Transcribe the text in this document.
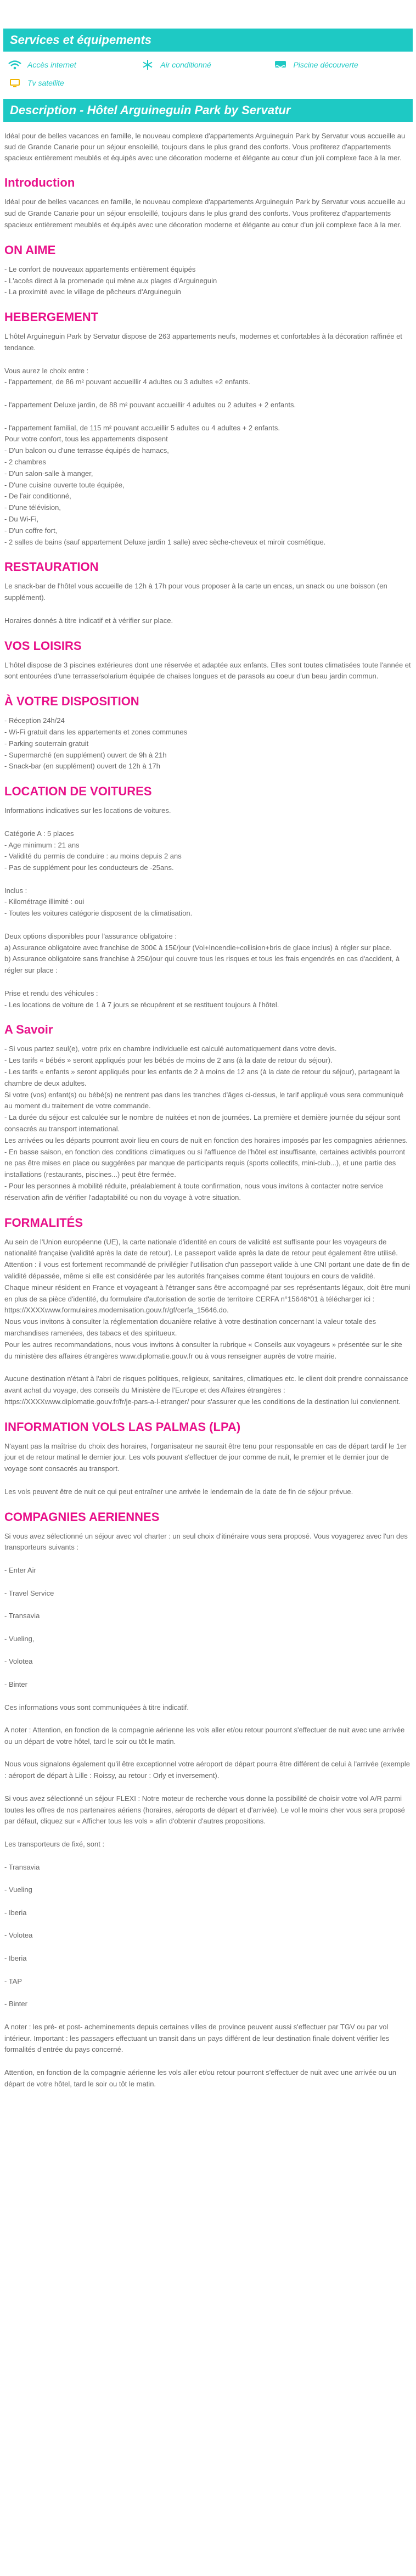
Services et équipements
Accès internet	Air conditionné	Piscine découverte
Tv satellite
Description - Hôtel Arguineguin Park by Servatur

Idéal pour de belles vacances en famille, le nouveau complexe d'appartements Arguineguin Park by Servatur vous accueille au sud de Grande Canarie pour un séjour ensoleillé, toujours dans le plus grand des conforts. Vous profiterez d'appartements spacieux entièrement meublés et équipés avec une décoration moderne et élégante au cœur d'un joli complexe face à la mer.

Introduction
Idéal pour de belles vacances en famille, le nouveau complexe d'appartements Arguineguin Park by Servatur vous accueille au sud de Grande Canarie pour un séjour ensoleillé, toujours dans le plus grand des conforts. Vous profiterez d'appartements spacieux entièrement meublés et équipés avec une décoration moderne et élégante au cœur d'un joli complexe face à la mer.
ON AIME
- Le confort de nouveaux appartements entièrement équipés
- L'accès direct à la promenade qui mène aux plages d'Arguineguin
- La proximité avec le village de pêcheurs d'Arguineguin
HEBERGEMENT
L'hôtel Arguineguin Park by Servatur dispose de 263 appartements neufs, modernes et confortables à la décoration raffinée et tendance.

Vous aurez le choix entre :
- l'appartement, de 86 m² pouvant accueillir 4 adultes ou 3 adultes +2 enfants.

- l'appartement Deluxe jardin, de 88 m² pouvant accueillir 4 adultes ou 2 adultes + 2 enfants.

- l'appartement familial, de 115 m² pouvant accueillir 5 adultes ou 4 adultes + 2 enfants.
Pour votre confort, tous les appartements disposent
- D'un balcon ou d'une terrasse équipés de hamacs,
- 2 chambres
- D'un salon-salle à manger,
- D'une cuisine ouverte toute équipée,
- De l'air conditionné,
- D'une télévision,
- Du Wi-Fi,
- D'un coffre fort,
- 2 salles de bains (sauf appartement Deluxe jardin 1 salle) avec sèche-cheveux et miroir cosmétique.
RESTAURATION
Le snack-bar de l'hôtel vous accueille de 12h à 17h pour vous proposer à la carte un encas, un snack ou une boisson (en supplément).

Horaires donnés à titre indicatif et à vérifier sur place.
VOS LOISIRS
L'hôtel dispose de 3 piscines extérieures dont une réservée et adaptée aux enfants. Elles sont toutes climatisées toute l'année et sont entourées d'une terrasse/solarium équipée de chaises longues et de parasols au coeur d'un beau jardin commun.
À VOTRE DISPOSITION
- Réception 24h/24
- Wi-Fi gratuit dans les appartements et zones communes
- Parking souterrain gratuit
- Supermarché (en supplément) ouvert de 9h à 21h
- Snack-bar (en supplément) ouvert de 12h à 17h
LOCATION DE VOITURES
Informations indicatives sur les locations de voitures.

Catégorie A : 5 places
- Age minimum : 21 ans
- Validité du permis de conduire : au moins depuis 2 ans
- Pas de supplément pour les conducteurs de -25ans.

Inclus :
- Kilométrage illimité : oui
- Toutes les voitures catégorie disposent de la climatisation.

Deux options disponibles pour l'assurance obligatoire :
a) Assurance obligatoire avec franchise de 300€ à 15€/jour (Vol+Incendie+collision+bris de glace inclus) à régler sur place.
b) Assurance obligatoire sans franchise à 25€/jour qui couvre tous les risques et tous les frais engendrés en cas d'accident, à régler sur place :

Prise et rendu des véhicules :
- Les locations de voiture de 1 à 7 jours se récupèrent et se restituent toujours à l'hôtel.
A Savoir
- Si vous partez seul(e), votre prix en chambre individuelle est calculé automatiquement dans votre devis.
- Les tarifs « bébés » seront appliqués pour les bébés de moins de 2 ans (à la date de retour du séjour).
- Les tarifs « enfants » seront appliqués pour les enfants de 2 à moins de 12 ans (à la date de retour du séjour), partageant la chambre de deux adultes.
Si votre (vos) enfant(s) ou bébé(s) ne rentrent pas dans les tranches d'âges ci-dessus, le tarif appliqué vous sera communiqué au moment du traitement de votre commande.
- La durée du séjour est calculée sur le nombre de nuitées et non de journées. La première et dernière journée du séjour sont consacrés au transport international.
Les arrivées ou les départs pourront avoir lieu en cours de nuit en fonction des horaires imposés par les compagnies aériennes.
- En basse saison, en fonction des conditions climatiques ou si l'affluence de l'hôtel est insuffisante, certaines activités pourront ne pas être mises en place ou suggérées par manque de participants requis (sports collectifs, mini-club...), et une partie des installations (restaurants, piscines...) peut être fermée.
- Pour les personnes à mobilité réduite, préalablement à toute confirmation, nous vous invitons à contacter notre service réservation afin de vérifier l'adaptabilité ou non du voyage à votre situation.
FORMALITÉS
Au sein de l'Union européenne (UE), la carte nationale d'identité en cours de validité est suffisante pour les voyageurs de nationalité française (validité après la date de retour). Le passeport valide après la date de retour peut également être utilisé. Attention : il vous est fortement recommandé de privilégier l'utilisation d'un passeport valide à une CNI portant une date de fin de validité dépassée, même si elle est considérée par les autorités françaises comme étant toujours en cours de validité.
Chaque mineur résident en France et voyageant à l'étranger sans être accompagné par ses représentants légaux, doit être muni en plus de sa pièce d'identité, du formulaire d'autorisation de sortie de territoire CERFA n°15646*01 à télécharger ici :
https://XXXXwww.formulaires.modernisation.gouv.fr/gf/cerfa_15646.do.
Nous vous invitons à consulter la réglementation douanière relative à votre destination concernant la valeur totale des marchandises ramenées, des tabacs et des spiritueux.
Pour les autres recommandations, nous vous invitons à consulter la rubrique « Conseils aux voyageurs » présentée sur le site du ministère des affaires étrangères www.diplomatie.gouv.fr ou à vous renseigner auprès de votre mairie.

Aucune destination n'étant à l'abri de risques politiques, religieux, sanitaires, climatiques etc. le client doit prendre connaissance avant achat du voyage, des conseils du Ministère de l'Europe et des Affaires étrangères :
https://XXXXwww.diplomatie.gouv.fr/fr/je-pars-a-l-etranger/ pour s'assurer que les conditions de la destination lui conviennent.
INFORMATION VOLS LAS PALMAS (LPA)
N'ayant pas la maîtrise du choix des horaires, l'organisateur ne saurait être tenu pour responsable en cas de départ tardif le 1er jour et de retour matinal le dernier jour. Les vols pouvant s'effectuer de jour comme de nuit, le premier et le dernier jour de voyage sont consacrés au transport.

Les vols peuvent être de nuit ce qui peut entraîner une arrivée le lendemain de la date de fin de séjour prévue.
COMPAGNIES AERIENNES
Si vous avez sélectionné un séjour avec vol charter : un seul choix d'itinéraire vous sera proposé. Vous voyagerez avec l'un des transporteurs suivants :

- Enter Air

- Travel Service

- Transavia

- Vueling,

- Volotea

- Binter

Ces informations vous sont communiquées à titre indicatif.

A noter : Attention, en fonction de la compagnie aérienne les vols aller et/ou retour pourront s'effectuer de nuit avec une arrivée ou un départ de votre hôtel, tard le soir ou tôt le matin.

Nous vous signalons également qu'il être exceptionnel votre aéroport de départ pourra être différent de celui à l'arrivée (exemple : aéroport de départ à Lille : Roissy, au retour : Orly et inversement).

Si vous avez sélectionné un séjour FLEXI : Notre moteur de recherche vous donne la possibilité de choisir votre vol A/R parmi toutes les offres de nos partenaires aériens (horaires, aéroports de départ et d'arrivée). Le vol le moins cher vous sera proposé par défaut, cliquez sur « Afficher tous les vols » afin d'obtenir d'autres propositions.

Les transporteurs de fixé, sont :

- Transavia

- Vueling

- Iberia

- Volotea

- Iberia

- TAP

- Binter

A noter : les pré- et post- acheminements depuis certaines villes de province peuvent aussi s'effectuer par TGV ou par vol intérieur. Important : les passagers effectuant un transit dans un pays différent de leur destination finale doivent vérifier les formalités d'entrée du pays concerné.

Attention, en fonction de la compagnie aérienne les vols aller et/ou retour pourront s'effectuer de nuit avec une arrivée ou un départ de votre hôtel, tard le soir ou tôt le matin.
